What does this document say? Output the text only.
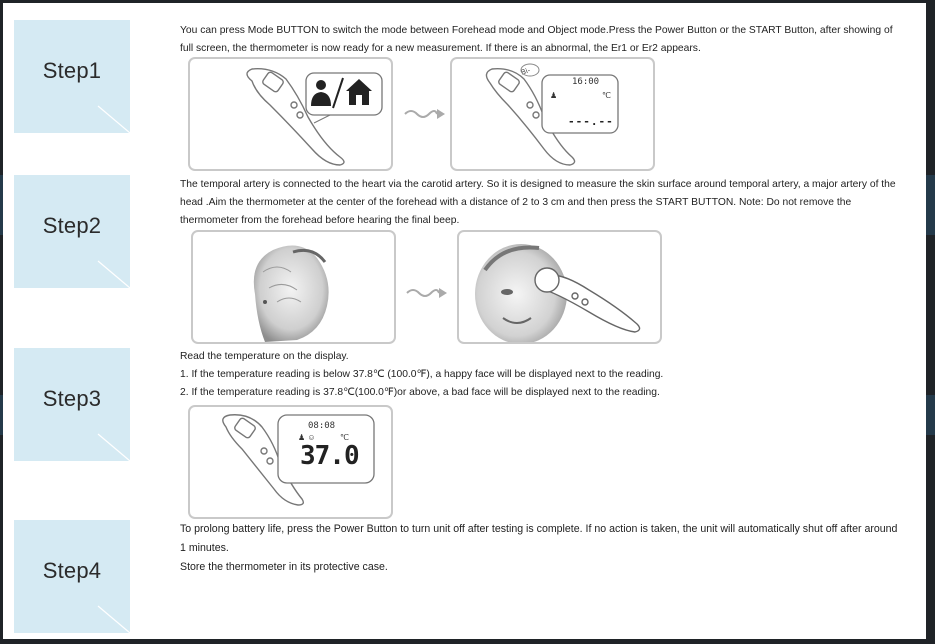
Step1

You can press Mode BUTTON to switch the mode between Forehead mode and Object mode.Press the Power Button or the START Button, after showing of full screen, the thermometer is now ready for a new measurement. If there is an abnormal, the Er1 or Er2 appears.

Bi-
16:00
♟	℃
---.--
Step2

The temporal artery is connected to the heart via the carotid artery. So it is designed to measure the skin surface around temporal artery, a major artery of the head .Aim the thermometer at the center of the forehead with a distance of 2 to 3 cm and then press the START BUTTON. Note: Do not remove the thermometer from the forehead before hearing the final beep.

Step3

Read the temperature on the display.

1. If the temperature reading is below 37.8℃ (100.0℉), a happy face will be displayed next to the reading.

2. If the temperature reading is 37.8℃(100.0℉)or above, a bad face will be displayed next to the reading.

08:08
♟ ☺	℃
37.0
Step4

To prolong battery life, press the Power Button to turn unit off after testing is complete. If no action is taken, the unit will automatically shut off after around 1 minutes.

Store the thermometer in its protective case.
